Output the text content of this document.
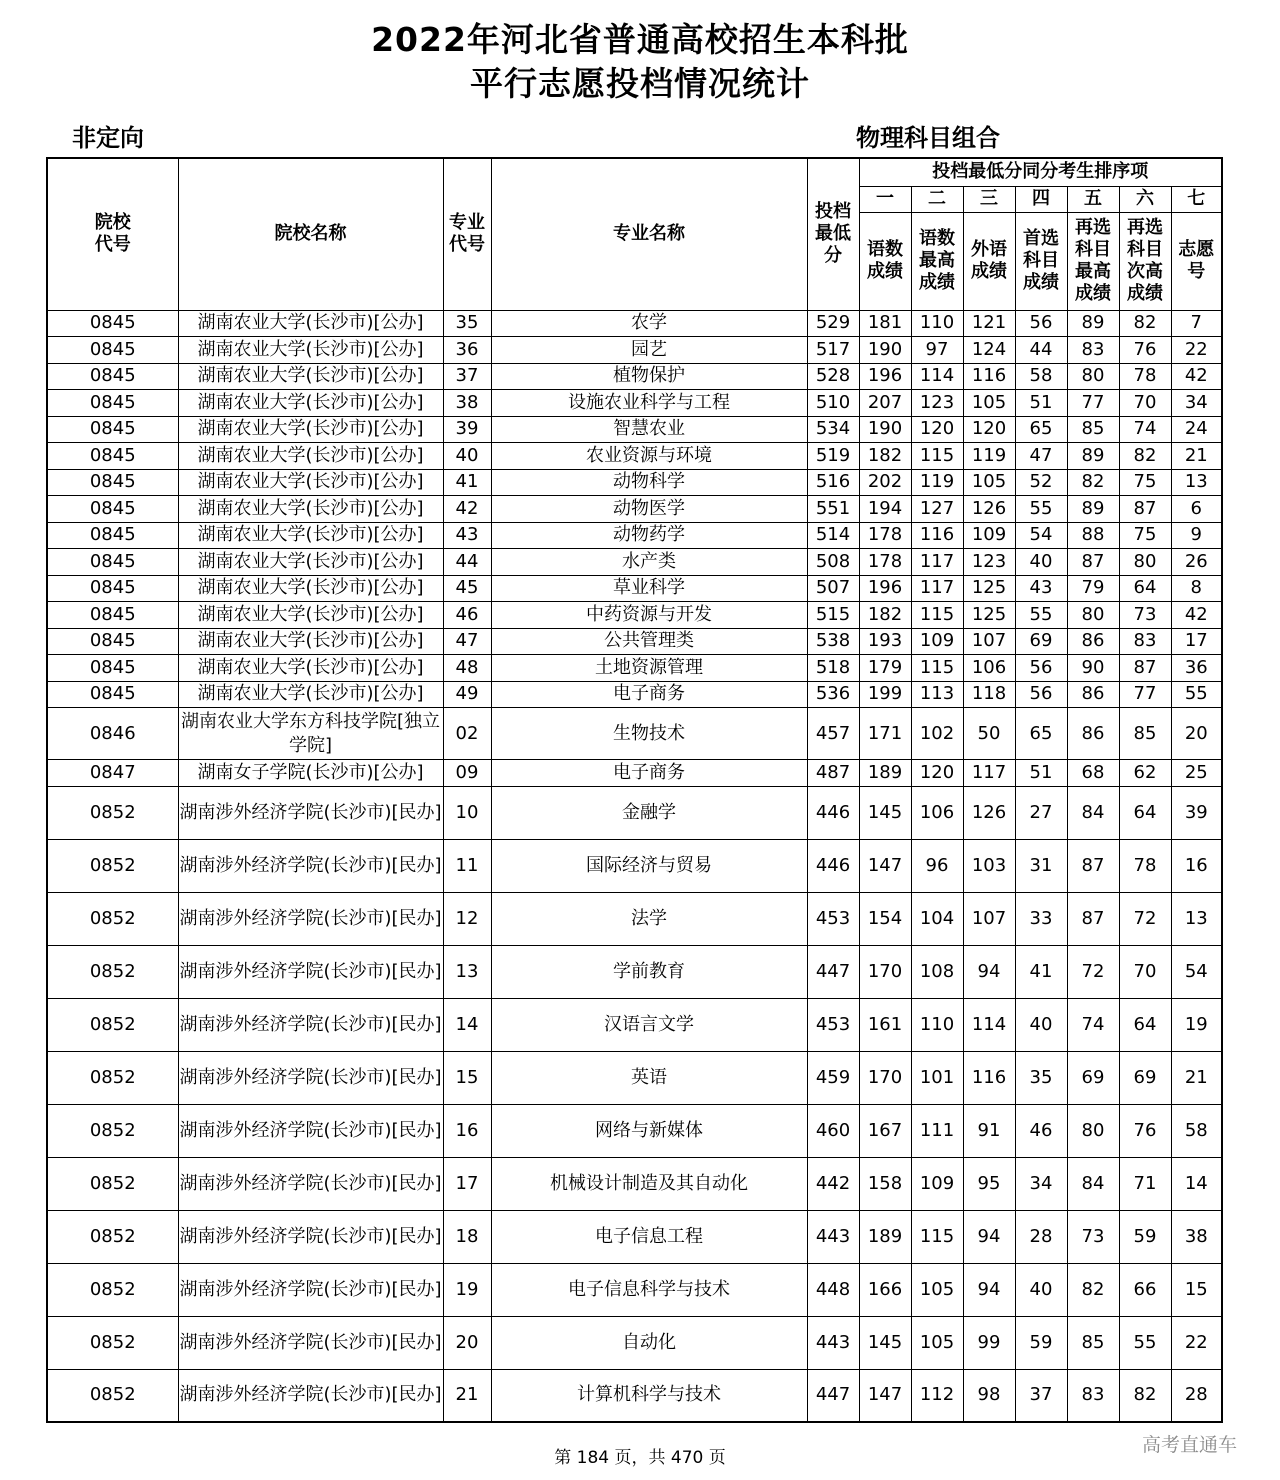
2022年河北省普通高校招生本科批
平行志愿投档情况统计
非定向	物理科目组合
院校代号	院校名称	专业代号	专业名称	投档最低分	投档最低分同分考生排序项						
					一	二	三	四	五	六	七

					语数成绩	语数最高成绩	外语成绩	首选科目成绩	再选科目最高成绩	再选科目次高成绩	志愿号

0845	湖南农业大学(长沙市)[公办]	35	农学	529	181	110	121	56	89	82	7
0845	湖南农业大学(长沙市)[公办]	36	园艺	517	190	97	124	44	83	76	22
0845	湖南农业大学(长沙市)[公办]	37	植物保护	528	196	114	116	58	80	78	42
0845	湖南农业大学(长沙市)[公办]	38	设施农业科学与工程	510	207	123	105	51	77	70	34
0845	湖南农业大学(长沙市)[公办]	39	智慧农业	534	190	120	120	65	85	74	24
0845	湖南农业大学(长沙市)[公办]	40	农业资源与环境	519	182	115	119	47	89	82	21
0845	湖南农业大学(长沙市)[公办]	41	动物科学	516	202	119	105	52	82	75	13
0845	湖南农业大学(长沙市)[公办]	42	动物医学	551	194	127	126	55	89	87	6
0845	湖南农业大学(长沙市)[公办]	43	动物药学	514	178	116	109	54	88	75	9
0845	湖南农业大学(长沙市)[公办]	44	水产类	508	178	117	123	40	87	80	26
0845	湖南农业大学(长沙市)[公办]	45	草业科学	507	196	117	125	43	79	64	8
0845	湖南农业大学(长沙市)[公办]	46	中药资源与开发	515	182	115	125	55	80	73	42
0845	湖南农业大学(长沙市)[公办]	47	公共管理类	538	193	109	107	69	86	83	17
0845	湖南农业大学(长沙市)[公办]	48	土地资源管理	518	179	115	106	56	90	87	36
0845	湖南农业大学(长沙市)[公办]	49	电子商务	536	199	113	118	56	86	77	55
0846	湖南农业大学东方科技学院[独立学院]	02	生物技术	457	171	102	50	65	86	85	20
0847	湖南女子学院(长沙市)[公办]	09	电子商务	487	189	120	117	51	68	62	25
0852	湖南涉外经济学院(长沙市)[民办]	10	金融学	446	145	106	126	27	84	64	39
0852	湖南涉外经济学院(长沙市)[民办]	11	国际经济与贸易	446	147	96	103	31	87	78	16
0852	湖南涉外经济学院(长沙市)[民办]	12	法学	453	154	104	107	33	87	72	13
0852	湖南涉外经济学院(长沙市)[民办]	13	学前教育	447	170	108	94	41	72	70	54
0852	湖南涉外经济学院(长沙市)[民办]	14	汉语言文学	453	161	110	114	40	74	64	19
0852	湖南涉外经济学院(长沙市)[民办]	15	英语	459	170	101	116	35	69	69	21
0852	湖南涉外经济学院(长沙市)[民办]	16	网络与新媒体	460	167	111	91	46	80	76	58
0852	湖南涉外经济学院(长沙市)[民办]	17	机械设计制造及其自动化	442	158	109	95	34	84	71	14
0852	湖南涉外经济学院(长沙市)[民办]	18	电子信息工程	443	189	115	94	28	73	59	38
0852	湖南涉外经济学院(长沙市)[民办]	19	电子信息科学与技术	448	166	105	94	40	82	66	15
0852	湖南涉外经济学院(长沙市)[民办]	20	自动化	443	145	105	99	59	85	55	22
0852	湖南涉外经济学院(长沙市)[民办]	21	计算机科学与技术	447	147	112	98	37	83	82	28
第 184 页，共 470 页
高考直通车
